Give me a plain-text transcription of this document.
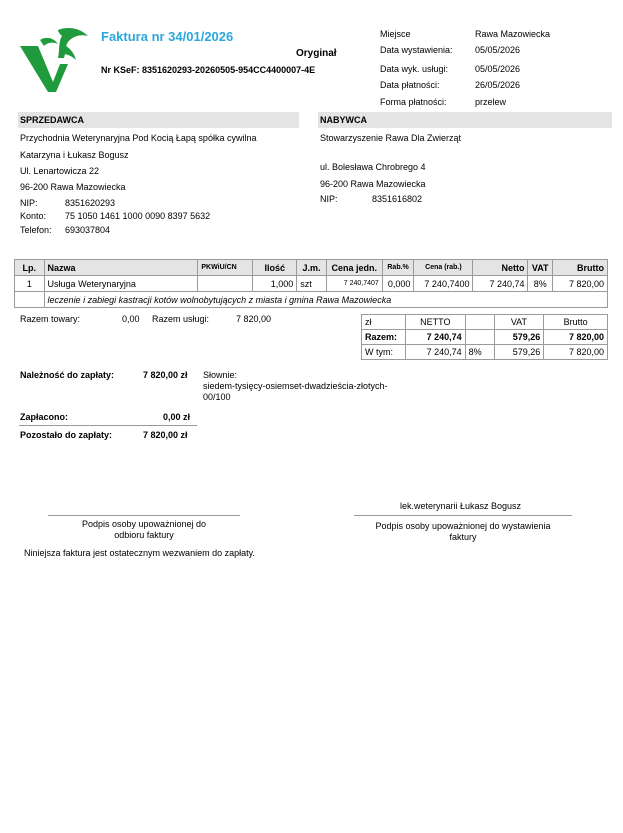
Faktura nr 34/01/2026
Oryginał
Nr KSeF: 8351620293-20260505-954CC4400007-4E
Miejsce	Rawa Mazowiecka
Data wystawienia: 05/05/2026
Data wyk. usługi:	05/05/2026
Data płatności:	26/05/2026
Forma płatności:	przelew
SPRZEDAWCA	NABYWCA
Przychodnia Weterynaryjna Pod Kocią Łapą spółka cywilna
Katarzyna i Łukasz Bogusz
Ul. Lenartowicza 22
96-200 Rawa Mazowiecka
NIP:	8351620293
Konto: 75 1050 1461 1000 0090 8397 5632
Telefon: 693037804
Stowarzyszenie Rawa Dla Zwierząt
ul. Bolesława Chrobrego 4
96-200 Rawa Mazowiecka
NIP:	8351616802
Lp.	Nazwa	PKWiU/CN	Ilość	J.m.	Cena jedn.	Rab.%	Cena (rab.)	Netto	VAT	Brutto
1	Usługa Weterynaryjna		1,000	szt	7 240,7407	0,000	7 240,7400	7 240,74	8%	7 820,00
	leczenie i zabiegi kastracji kotów wolnobytujących z miasta i gmina Rawa Mazowiecka									
Razem towary:	0,00 Razem usługi:	7 820,00	zł	NETTO		VAT	Brutto
Razem:	7 240,74		579,26	7 820,00
W tym:	7 240,74	8%	579,26	7 820,00
Należność do zapłaty:	7 820,00 zł Słownie:
siedem-tysięcy-osiemset-dwadzieścia-złotych-
00/100
Zapłacono:	0,00 zł
Pozostało do zapłaty:	7 820,00 zł
lek.weterynarii Łukasz Bogusz
Podpis osoby upoważnionej do
odbioru faktury
Podpis osoby upoważnionej do wystawienia
faktury
Niniejsza faktura jest ostatecznym wezwaniem do zapłaty.
